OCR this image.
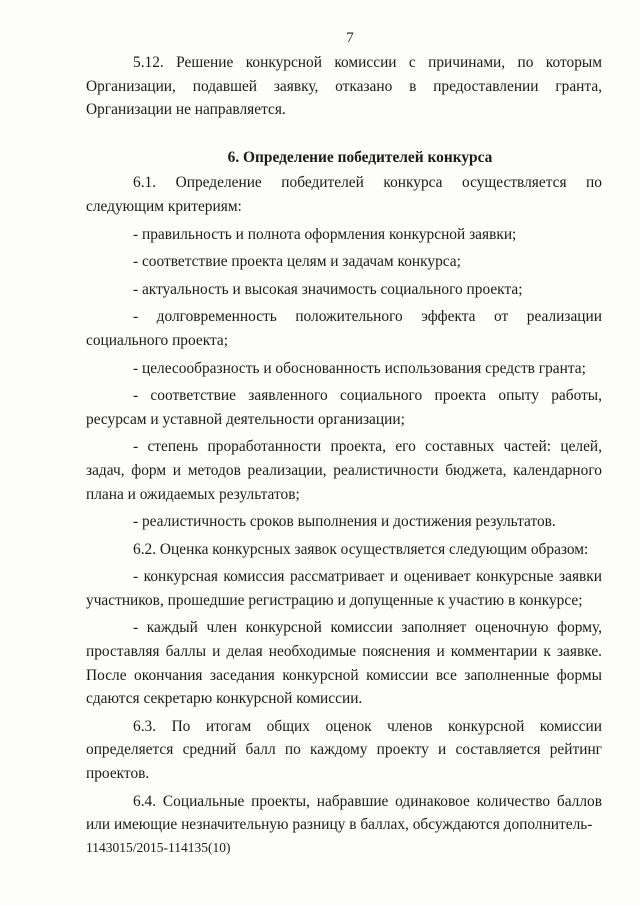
7

5.12. Решение конкурсной комиссии с причинами, по которым Организации, подавшей заявку, отказано в предоставлении гранта, Организации не направляется.

6. Определение победителей конкурса

6.1. Определение победителей конкурса осуществляется по следующим критериям:

- правильность и полнота оформления конкурсной заявки;

- соответствие проекта целям и задачам конкурса;

- актуальность и высокая значимость социального проекта;

- долговременность положительного эффекта от реализации социального проекта;

- целесообразность и обоснованность использования средств гранта;

- соответствие заявленного социального проекта опыту работы, ресурсам и уставной деятельности организации;

- степень проработанности проекта, его составных частей: целей, задач, форм и методов реализации, реалистичности бюджета, календарного плана и ожидаемых результатов;

- реалистичность сроков выполнения и достижения результатов.

6.2. Оценка конкурсных заявок осуществляется следующим образом:

- конкурсная комиссия рассматривает и оценивает конкурсные заявки участников, прошедшие регистрацию и допущенные к участию в конкурсе;

- каждый член конкурсной комиссии заполняет оценочную форму, проставляя баллы и делая необходимые пояснения и комментарии к заявке. После окончания заседания конкурсной комиссии все заполненные формы сдаются секретарю конкурсной комиссии.

6.3. По итогам общих оценок членов конкурсной комиссии определяется средний балл по каждому проекту и составляется рейтинг проектов.

6.4. Социальные проекты, набравшие одинаковое количество баллов или имеющие незначительную разницу в баллах, обсуждаются дополнитель-

1143015/2015-114135(10)
